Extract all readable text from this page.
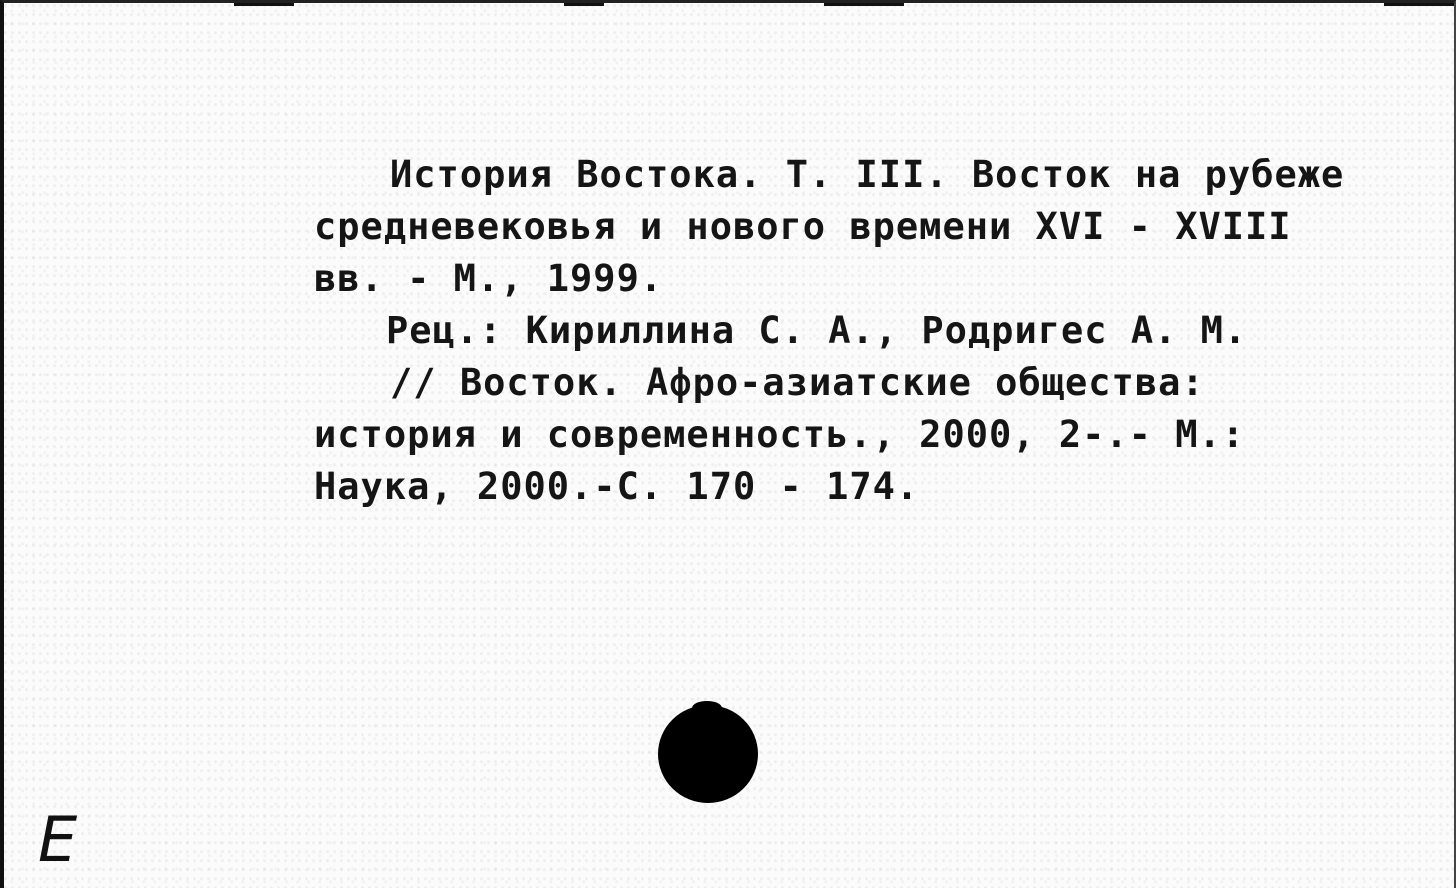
История Востока. Т. III. Восток на рубеже
средневековья и нового времени XVI - XVIII
вв. - М., 1999.
Рец.: Кириллина С. А., Родригес А. М.
// Восток. Афро-азиатские общества:
история и современность., 2000, 2-.- М.:
Наука, 2000.-С. 170 - 174.
E
